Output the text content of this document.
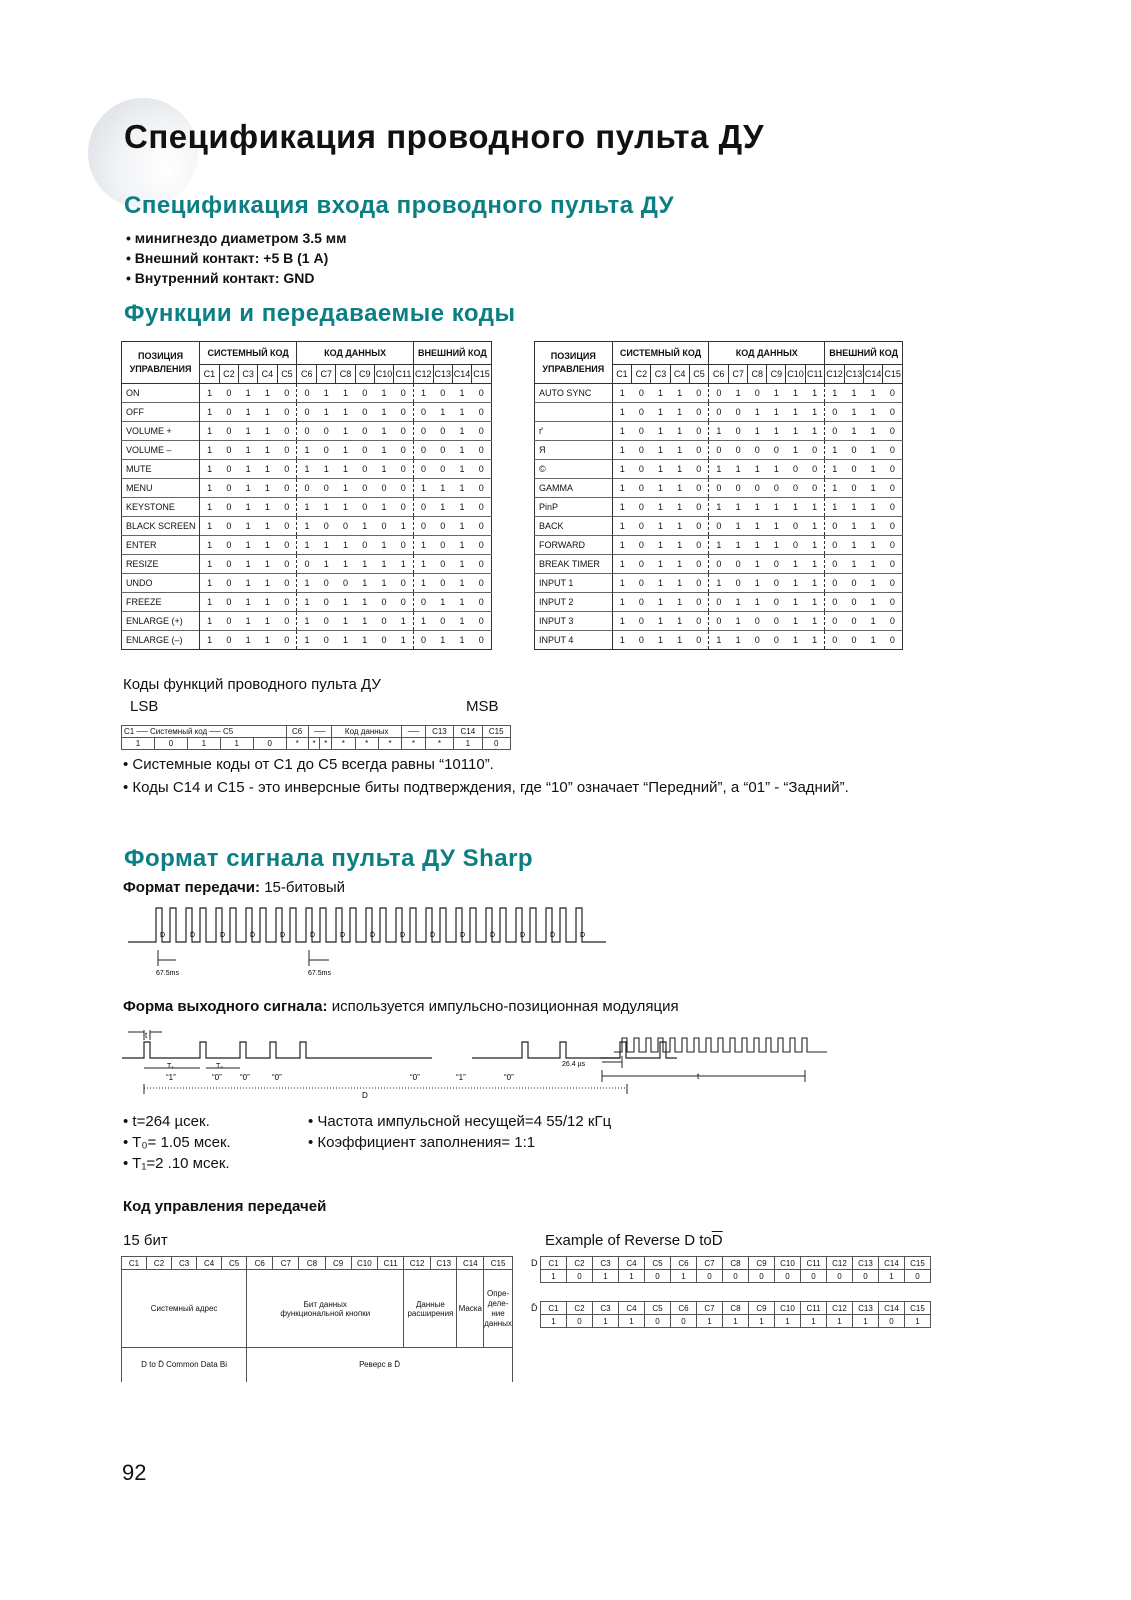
Спецификация проводного пульта ДУ
Спецификация входа проводного пульта ДУ
• минигнездо диаметром 3.5 мм
• Внешний контакт: +5 В (1 А)
• Внутренний контакт: GND
Функции и передаваемые коды
ПОЗИЦИЯ
УПРАВЛЕНИЯ	СИСТЕМНЫЙ КОД					КОД ДАННЫХ						ВНЕШНИЙ КОД			
	C1	C2	C3	C4	C5	C6	C7	C8	C9	C10	C11	C12	C13	C14	C15
ON	1	0	1	1	0	0	1	1	0	1	0	1	0	1	0
OFF	1	0	1	1	0	0	1	1	0	1	0	0	1	1	0
VOLUME +	1	0	1	1	0	0	0	1	0	1	0	0	0	1	0
VOLUME –	1	0	1	1	0	1	0	1	0	1	0	0	0	1	0
MUTE	1	0	1	1	0	1	1	1	0	1	0	0	0	1	0
MENU	1	0	1	1	0	0	0	1	0	0	0	1	1	1	0
KEYSTONE	1	0	1	1	0	1	1	1	0	1	0	0	1	1	0
BLACK SCREEN	1	0	1	1	0	1	0	0	1	0	1	0	0	1	0
ENTER	1	0	1	1	0	1	1	1	0	1	0	1	0	1	0
RESIZE	1	0	1	1	0	0	1	1	1	1	1	1	0	1	0
UNDO	1	0	1	1	0	1	0	0	1	1	0	1	0	1	0
FREEZE	1	0	1	1	0	1	0	1	1	0	0	0	1	1	0
ENLARGE (+)	1	0	1	1	0	1	0	1	1	0	1	1	0	1	0
ENLARGE (–)	1	0	1	1	0	1	0	1	1	0	1	0	1	1	0
ПОЗИЦИЯ
УПРАВЛЕНИЯ	СИСТЕМНЫЙ КОД					КОД ДАННЫХ						ВНЕШНИЙ КОД			
	C1	C2	C3	C4	C5	C6	C7	C8	C9	C10	C11	C12	C13	C14	C15
AUTO SYNC	1	0	1	1	0	0	1	0	1	1	1	1	1	1	0
	1	0	1	1	0	0	0	1	1	1	1	0	1	1	0
ґ	1	0	1	1	0	1	0	1	1	1	1	0	1	1	0
Я	1	0	1	1	0	0	0	0	0	1	0	1	0	1	0
©	1	0	1	1	0	1	1	1	1	0	0	1	0	1	0
GAMMA	1	0	1	1	0	0	0	0	0	0	0	1	0	1	0
PinP	1	0	1	1	0	1	1	1	1	1	1	1	1	1	0
BACK	1	0	1	1	0	0	1	1	1	0	1	0	1	1	0
FORWARD	1	0	1	1	0	1	1	1	1	0	1	0	1	1	0
BREAK TIMER	1	0	1	1	0	0	0	1	0	1	1	0	1	1	0
INPUT 1	1	0	1	1	0	1	0	1	0	1	1	0	0	1	0
INPUT 2	1	0	1	1	0	0	1	1	0	1	1	0	0	1	0
INPUT 3	1	0	1	1	0	0	1	0	0	1	1	0	0	1	0
INPUT 4	1	0	1	1	0	1	1	0	0	1	1	0	0	1	0
Коды функций проводного пульта ДУ
LSB	MSB
C1 ── Системный код ── C5					C6	──		Код данных			──	C13	C14	C15
1	0	1	1	0	*	*	*	*	*	*	*	*	1	0
• Системные коды от C1 до C5 всегда равны “10110”.
• Коды C14 и C15 - это инверсные биты подтверждения, где “10” означает “Передний”, а “01” - “Задний”.
Формат сигнала пульта ДУ Sharp
Формат передачи: 15-битовый
D	D̄	D	D̄	D	D̄	D	D̄	D	D̄	D	D̄	D	D̄	D
67.5ms	67.5ms
Форма выходного сигнала: используется импульсно-позиционная модуляция
t
T₁	T₀
“1”	“0” “0”	“0”	“0”	“1”	“0”
D
26.4 µs
t
• t=264 µсек.
• T₀= 1.05 мсек.
• T₁=2 .10 мсек.
• Частота импульсной несущей=4 55/12 кГц
• Коэффициент заполнения= 1:1
Код управления передачей
15 бит
C1	C2	C3	C4	C5	C6	C7	C8	C9	C10	C11	C12	C13	C14	C15
Системный адрес					Бит данных функциональной кнопки						Данные расширения		Маска	Опре- деле- ние данных
D to D̄ Common Data Bi					Реверс в D̄									
Example of Reverse D $to\overline{D}$
D C1	C2	C3	C4	C5	C6	C7	C8	C9	C10	C11	C12	C13	C14	C15
1	0	1	1	0	1	0	0	0	0	0	0	0	1	0
D̄ C1	C2	C3	C4	C5	C6	C7	C8	C9	C10	C11	C12	C13	C14	C15
1	0	1	1	0	0	1	1	1	1	1	1	1	0	1
92
